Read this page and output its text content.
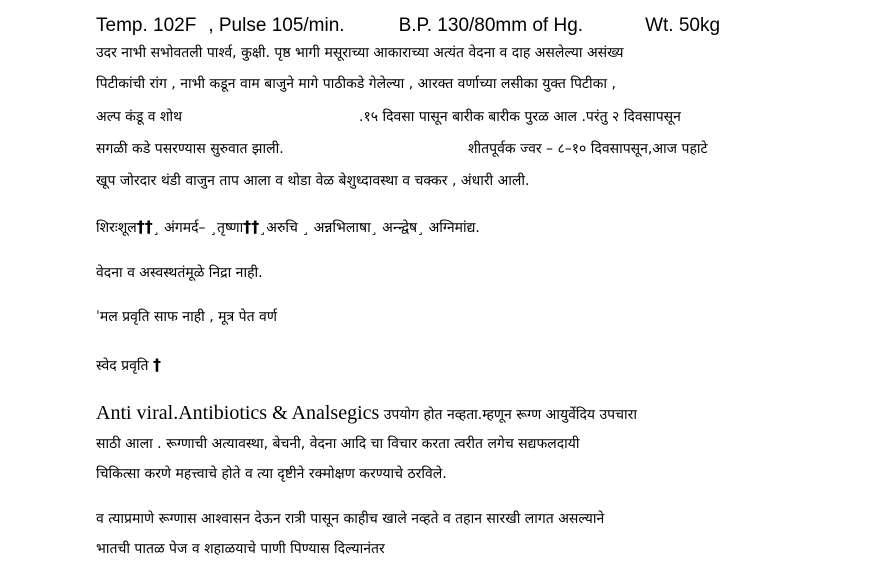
Temp. 102F , Pulse 105/min.	B.P. 130/80mm of Hg.	Wt. 50kg
उदर नाभी सभोवतली पार्श्व, कुक्षी. पृष्ठ भागी मसूराच्या आकाराच्या अत्यंत वेदना व दाह असलेल्या असंख्य
पिटीकांची रांग , नाभी कडून वाम बाजुने मागे पाठीकडे गेलेल्या , आरक्त वर्णाच्या लसीका युक्त पिटीका ,
अल्प कंडू व शोथ	.१५ दिवसा पासून बारीक बारीक पुरळ आल .परंतु २ दिवसापसून
सगळी कडे पसरण्यास सुरुवात झाली.	शीतपूर्वक ज्वर – ८–१० दिवसापसून,आज पहाटे
खूप जोरदार थंडी वाजुन ताप आला व थोडा वेळ बेशुध्दावस्था व चक्कर , अंधारी आली.
शिरःशूल††¸ अंगमर्द– ¸तृष्णा††¸अरुचि ¸ अन्नभिलाषा¸ अन्न्द्वेष¸ अग्निमांद्य.
वेदना व अस्वस्थतंमूळे निद्रा नाही.
ˈमल प्रवृति साफ नाही , मूत्र पेत वर्ण
स्वेद प्रवृति †
Anti viral.Antibiotics & Analsegics उपयोग होत नव्हता.म्हणून रूग्ण आयुर्वेदिय उपचारा
साठी आला . रूग्णाची अत्यावस्था, बेचनी, वेदना आदि चा विचार करता त्वरीत लगेच सद्यफलदायी
चिकित्सा करणे महत्त्वाचे होते व त्या दृष्टीने रक्मोक्षण करण्याचे ठरविले.
व त्याप्रमाणे रूग्णास आश्वासन देऊन रात्री पासून काहीच खाले नव्हते व तहान सारखी लागत असल्याने
भातची पातळ पेज व शहाळयाचे पाणी पिण्यास दिल्यानंतर
